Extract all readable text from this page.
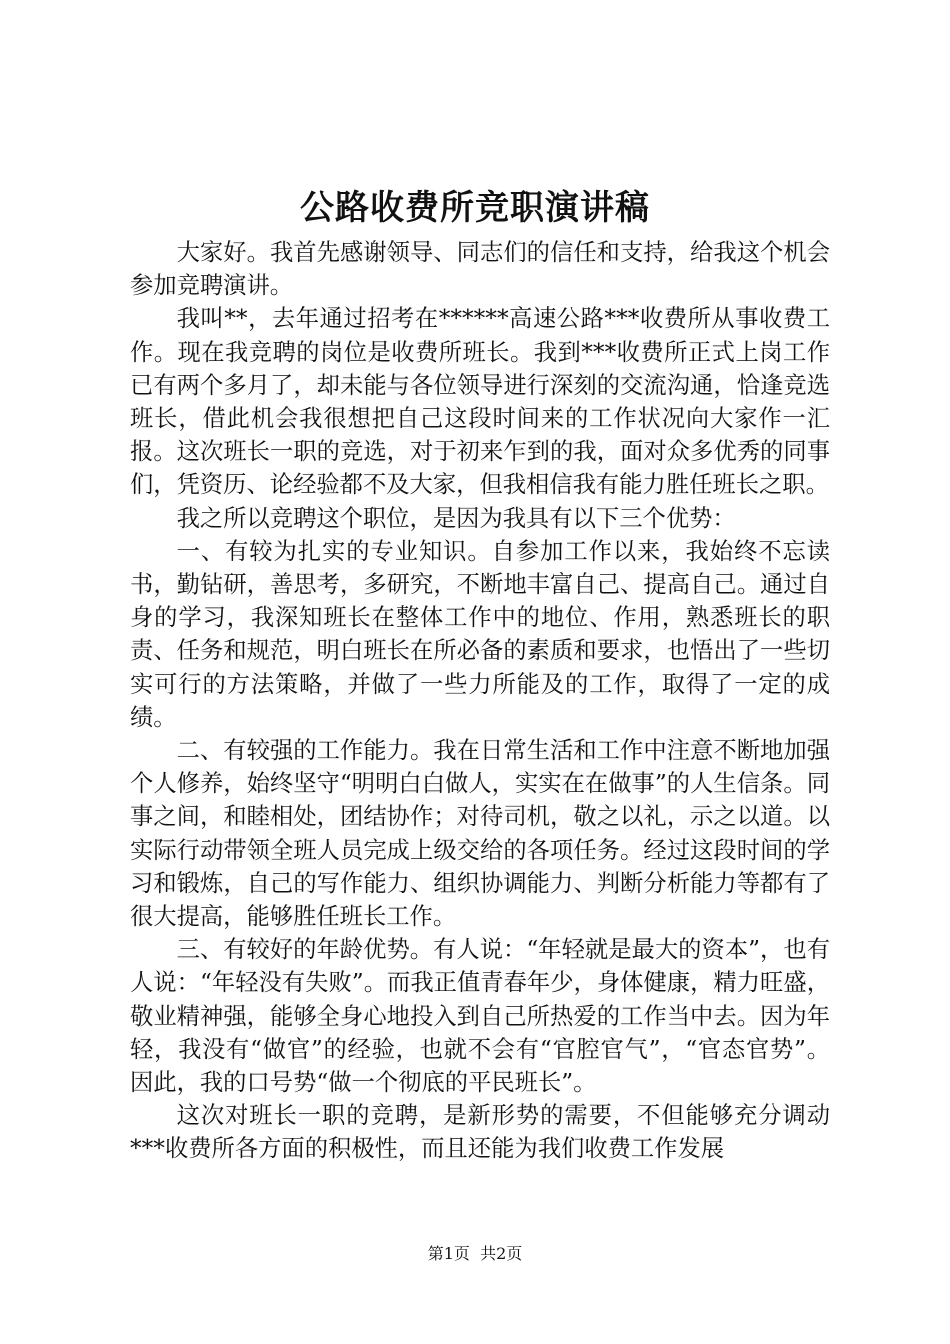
公路收费所竞职演讲稿

大家好。我首先感谢领导、同志们的信任和支持，给我这个机会参加竞聘演讲。

我叫**，去年通过招考在******高速公路***收费所从事收费工作。现在我竞聘的岗位是收费所班长。我到***收费所正式上岗工作已有两个多月了，却未能与各位领导进行深刻的交流沟通，恰逢竞选班长，借此机会我很想把自己这段时间来的工作状况向大家作一汇报。这次班长一职的竞选，对于初来乍到的我，面对众多优秀的同事们，凭资历、论经验都不及大家，但我相信我有能力胜任班长之职。

我之所以竞聘这个职位，是因为我具有以下三个优势：

一、有较为扎实的专业知识。自参加工作以来，我始终不忘读书，勤钻研，善思考，多研究，不断地丰富自己、提高自己。通过自身的学习，我深知班长在整体工作中的地位、作用，熟悉班长的职责、任务和规范，明白班长在所必备的素质和要求，也悟出了一些切实可行的方法策略，并做了一些力所能及的工作，取得了一定的成绩。

二、有较强的工作能力。我在日常生活和工作中注意不断地加强个人修养，始终坚守“明明白白做人，实实在在做事”的人生信条。同事之间，和睦相处，团结协作；对待司机，敬之以礼，示之以道。以实际行动带领全班人员完成上级交给的各项任务。经过这段时间的学习和锻炼，自己的写作能力、组织协调能力、判断分析能力等都有了很大提高，能够胜任班长工作。

三、有较好的年龄优势。有人说：“年轻就是最大的资本”，也有人说：“年轻没有失败”。而我正值青春年少，身体健康，精力旺盛，敬业精神强，能够全身心地投入到自己所热爱的工作当中去。因为年轻，我没有“做官”的经验，也就不会有“官腔官气”，“官态官势”。因此，我的口号势“做一个彻底的平民班长”。

这次对班长一职的竞聘，是新形势的需要，不但能够充分调动***收费所各方面的积极性，而且还能为我们收费工作发展

第1页  共2页
